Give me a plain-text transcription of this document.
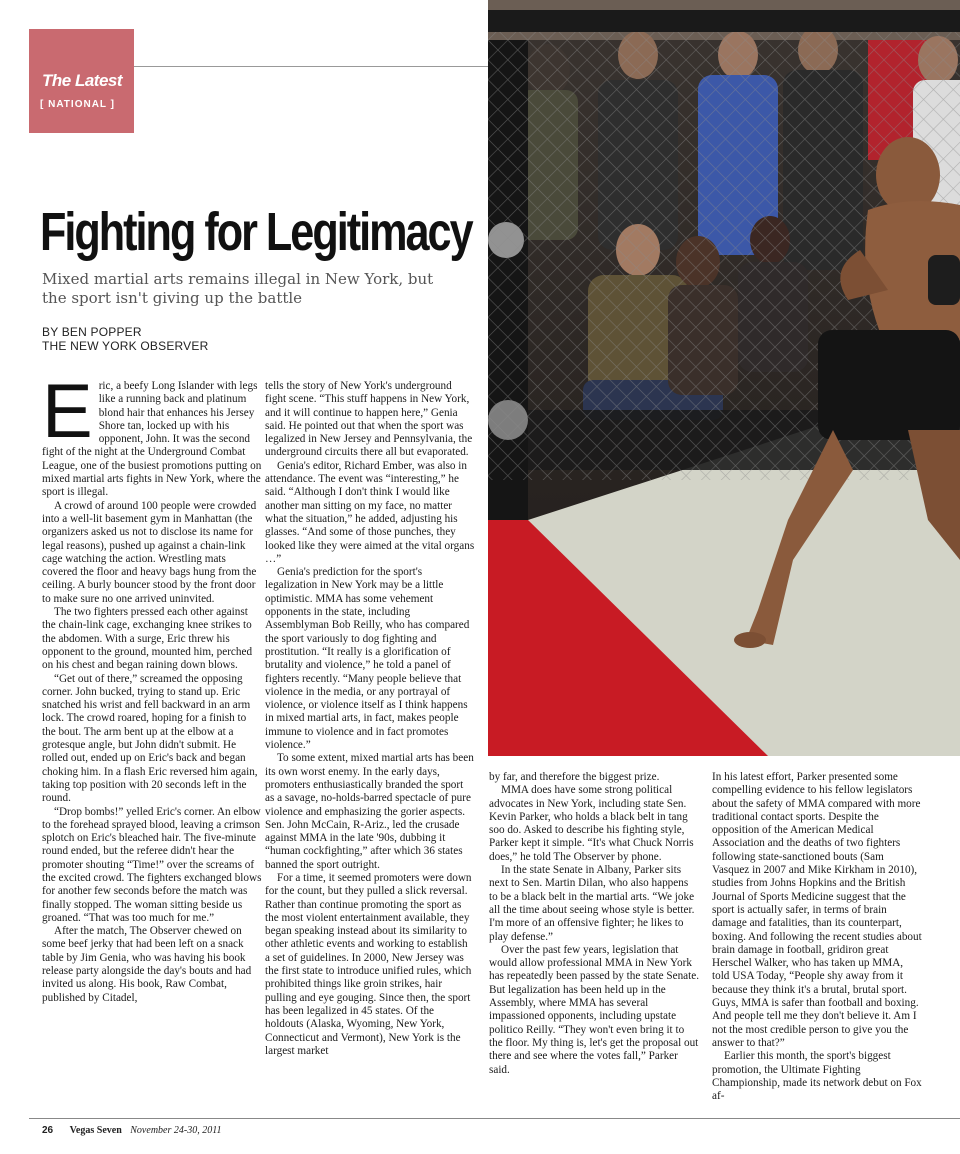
The Latest
[ NATIONAL ]
Fighting for Legitimacy
Mixed martial arts remains illegal in New York, but the sport isn't giving up the battle
BY BEN POPPER
THE NEW YORK OBSERVER
E ric, a beefy Long Islander with legs like a running back and platinum blond hair that enhances his Jersey Shore tan, locked up with his opponent, John. It was the second fight of the night at the Underground Combat League, one of the busiest promotions putting on mixed martial arts fights in New York, where the sport is illegal.

A crowd of around 100 people were crowded into a well-lit basement gym in Manhattan (the organizers asked us not to disclose its name for legal reasons), pushed up against a chain-link cage watching the action. Wrestling mats covered the floor and heavy bags hung from the ceiling. A burly bouncer stood by the front door to make sure no one arrived uninvited.

The two fighters pressed each other against the chain-link cage, exchanging knee strikes to the abdomen. With a surge, Eric threw his opponent to the ground, mounted him, perched on his chest and began raining down blows.

“Get out of there,” screamed the opposing corner. John bucked, trying to stand up. Eric snatched his wrist and fell backward in an arm lock. The crowd roared, hoping for a finish to the bout. The arm bent up at the elbow at a grotesque angle, but John didn't submit. He rolled out, ended up on Eric's back and began choking him. In a flash Eric reversed him again, taking top position with 20 seconds left in the round.

“Drop bombs!” yelled Eric's corner. An elbow to the forehead sprayed blood, leaving a crimson splotch on Eric's bleached hair. The five-minute round ended, but the referee didn't hear the promoter shouting “Time!” over the screams of the excited crowd. The fighters exchanged blows for another few seconds before the match was finally stopped. The woman sitting beside us groaned. “That was too much for me.”

After the match, The Observer chewed on some beef jerky that had been left on a snack table by Jim Genia, who was having his book release party alongside the day's bouts and had invited us along. His book, Raw Combat, published by Citadel,

tells the story of New York's underground fight scene. “This stuff happens in New York, and it will continue to happen here,” Genia said. He pointed out that when the sport was legalized in New Jersey and Pennsylvania, the underground circuits there all but evaporated.

Genia's editor, Richard Ember, was also in attendance. The event was “interesting,” he said. “Although I don't think I would like another man sitting on my face, no matter what the situation,” he added, adjusting his glasses. “And some of those punches, they looked like they were aimed at the vital organs …”

Genia's prediction for the sport's legalization in New York may be a little optimistic. MMA has some vehement opponents in the state, including Assemblyman Bob Reilly, who has compared the sport variously to dog fighting and prostitution. “It really is a glorification of brutality and violence,” he told a panel of fighters recently. “Many people believe that violence in the media, or any portrayal of violence, or violence itself as I think happens in mixed martial arts, in fact, makes people immune to violence and in fact promotes violence.”

To some extent, mixed martial arts has been its own worst enemy. In the early days, promoters enthusiastically branded the sport as a savage, no-holds-barred spectacle of pure violence and emphasizing the gorier aspects. Sen. John McCain, R-Ariz., led the crusade against MMA in the late '90s, dubbing it “human cockfighting,” after which 36 states banned the sport outright.

For a time, it seemed promoters were down for the count, but they pulled a slick reversal. Rather than continue promoting the sport as the most violent entertainment available, they began speaking instead about its similarity to other athletic events and working to establish a set of guidelines. In 2000, New Jersey was the first state to introduce unified rules, which prohibited things like groin strikes, hair pulling and eye gouging. Since then, the sport has been legalized in 45 states. Of the holdouts (Alaska, Wyoming, New York, Connecticut and Vermont), New York is the largest market

by far, and therefore the biggest prize.

MMA does have some strong political advocates in New York, including state Sen. Kevin Parker, who holds a black belt in tang soo do. Asked to describe his fighting style, Parker kept it simple. “It's what Chuck Norris does,” he told The Observer by phone.

In the state Senate in Albany, Parker sits next to Sen. Martin Dilan, who also happens to be a black belt in the martial arts. “We joke all the time about seeing whose style is better. I'm more of an offensive fighter; he likes to play defense.”

Over the past few years, legislation that would allow professional MMA in New York has repeatedly been passed by the state Senate. But legalization has been held up in the Assembly, where MMA has several impassioned opponents, including upstate politico Reilly. “They won't even bring it to the floor. My thing is, let's get the proposal out there and see where the votes fall,” Parker said.

In his latest effort, Parker presented some compelling evidence to his fellow legislators about the safety of MMA compared with more traditional contact sports. Despite the opposition of the American Medical Association and the deaths of two fighters following state-sanctioned bouts (Sam Vasquez in 2007 and Mike Kirkham in 2010), studies from Johns Hopkins and the British Journal of Sports Medicine suggest that the sport is actually safer, in terms of brain damage and fatalities, than its counterpart, boxing. And following the recent studies about brain damage in football, gridiron great Herschel Walker, who has taken up MMA, told USA Today, “People shy away from it because they think it's a brutal, brutal sport. Guys, MMA is safer than football and boxing. And people tell me they don't believe it. Am I not the most credible person to give you the answer to that?”

Earlier this month, the sport's biggest promotion, the Ultimate Fighting Championship, made its network debut on Fox af-

26 Vegas Seven November 24-30, 2011
